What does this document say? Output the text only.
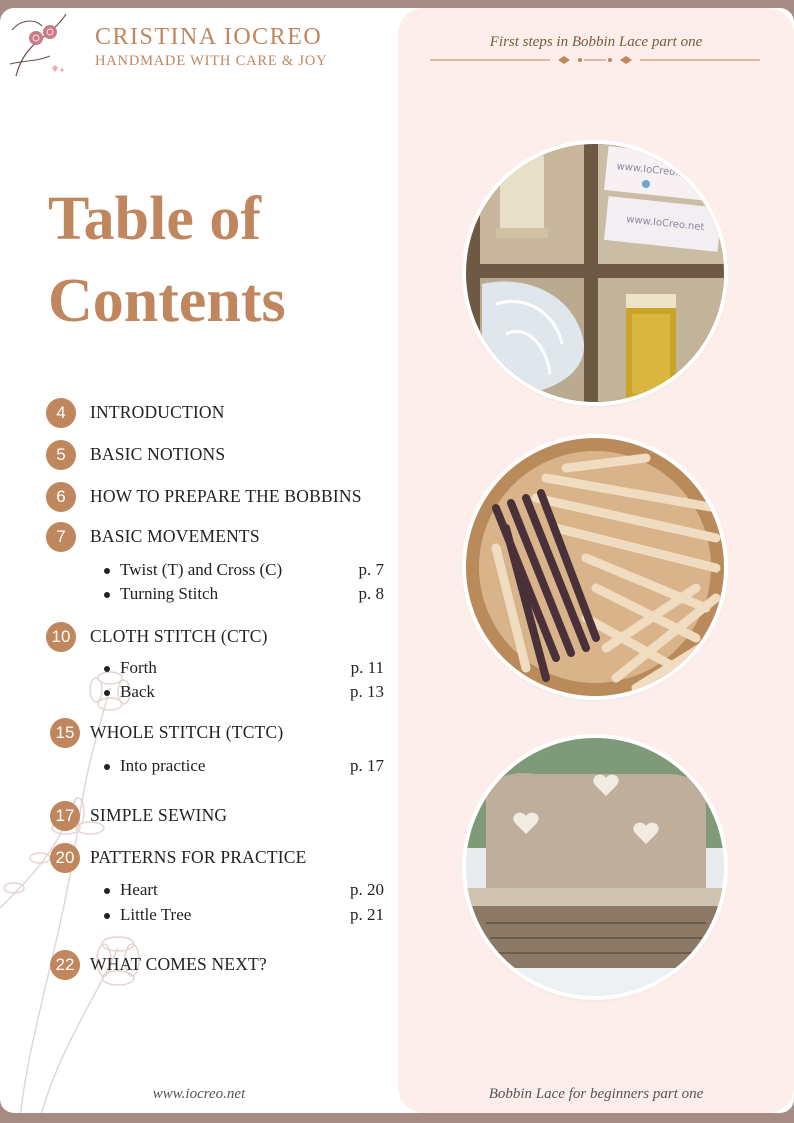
CRISTINA IOCREO
HANDMADE WITH CARE & JOY
First steps in Bobbin Lace part one
Table of
Contents
4	INTRODUCTION
5	BASIC NOTIONS
6	HOW TO PREPARE THE BOBBINS
7	BASIC MOVEMENTS
Twist (T) and Cross (C)	p. 7
Turning Stitch	p. 8
10	CLOTH STITCH (CTC)
Forth	p. 11
Back	p. 13
15 WHOLE STITCH (TCTC)
Into practice	p. 17
17 SIMPLE SEWING
20 PATTERNS FOR PRACTICE
Heart	p. 20
Little Tree	p. 21
22 WHAT COMES NEXT?
www.IoCreo.net
www.IoCreo.net
www.iocreo.net	Bobbin Lace for beginners part one
